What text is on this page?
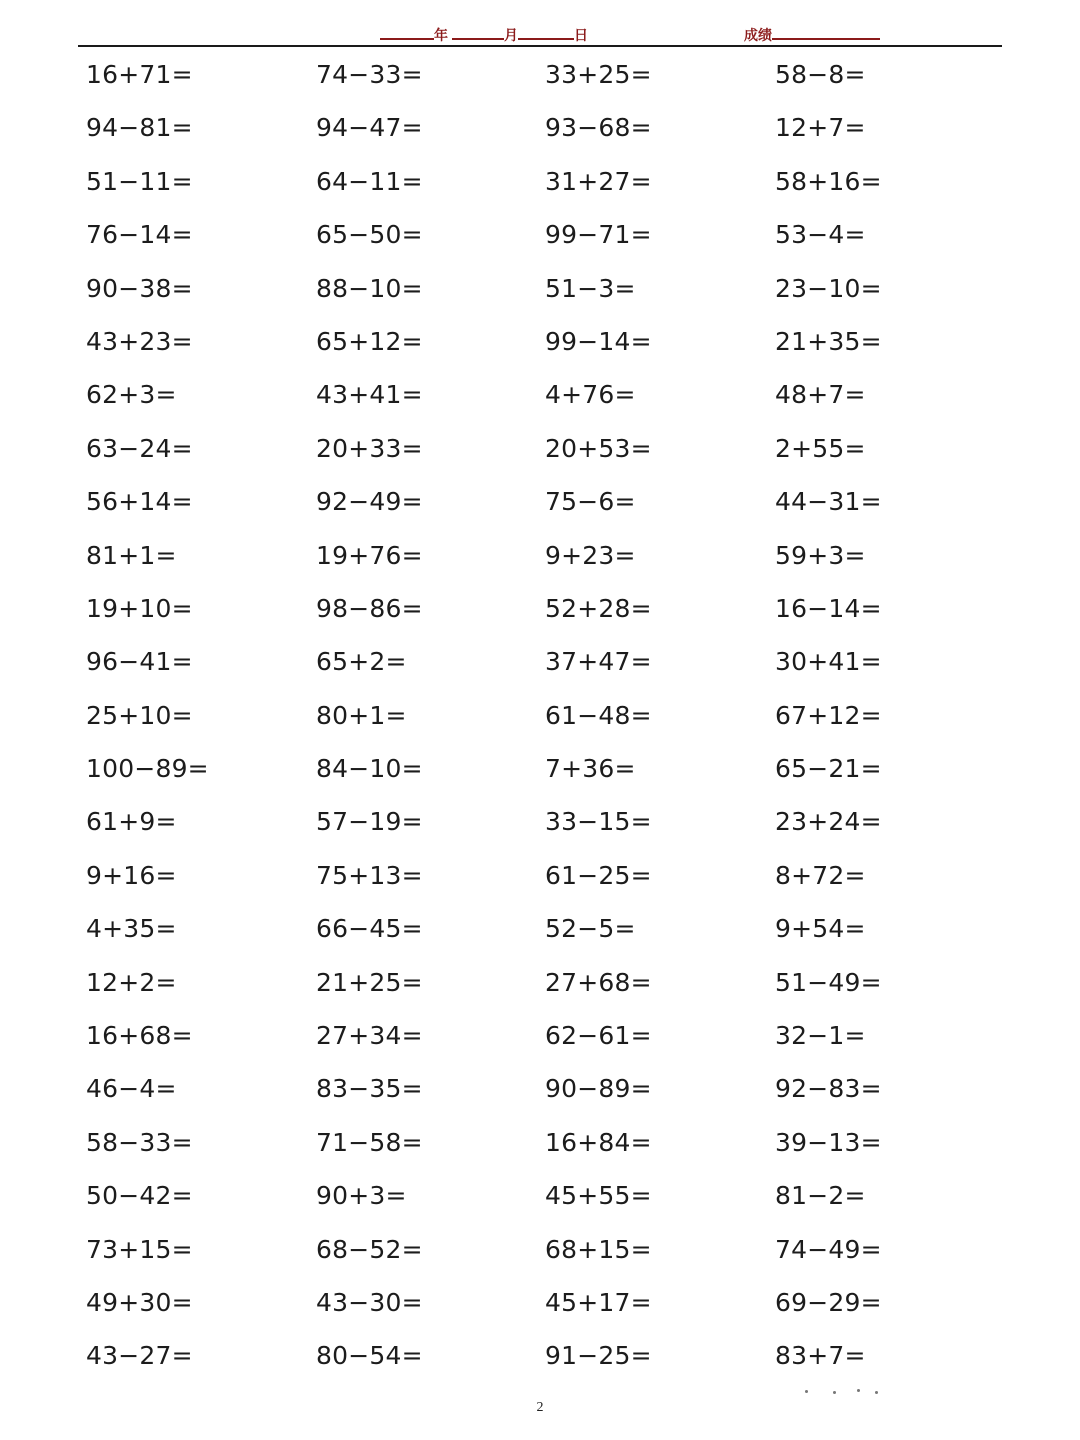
年	月	日	成绩
16+71=	74−33=	33+25=	58−8=
94−81=	94−47=	93−68=	12+7=
51−11=	64−11=	31+27=	58+16=
76−14=	65−50=	99−71=	53−4=
90−38=	88−10=	51−3=	23−10=
43+23=	65+12=	99−14=	21+35=
62+3=	43+41=	4+76=	48+7=
63−24=	20+33=	20+53=	2+55=
56+14=	92−49=	75−6=	44−31=
81+1=	19+76=	9+23=	59+3=
19+10=	98−86=	52+28=	16−14=
96−41=	65+2=	37+47=	30+41=
25+10=	80+1=	61−48=	67+12=
100−89=	84−10=	7+36=	65−21=
61+9=	57−19=	33−15=	23+24=
9+16=	75+13=	61−25=	8+72=
4+35=	66−45=	52−5=	9+54=
12+2=	21+25=	27+68=	51−49=
16+68=	27+34=	62−61=	32−1=
46−4=	83−35=	90−89=	92−83=
58−33=	71−58=	16+84=	39−13=
50−42=	90+3=	45+55=	81−2=
73+15=	68−52=	68+15=	74−49=
49+30=	43−30=	45+17=	69−29=
43−27=	80−54=	91−25=	83+7=
2
